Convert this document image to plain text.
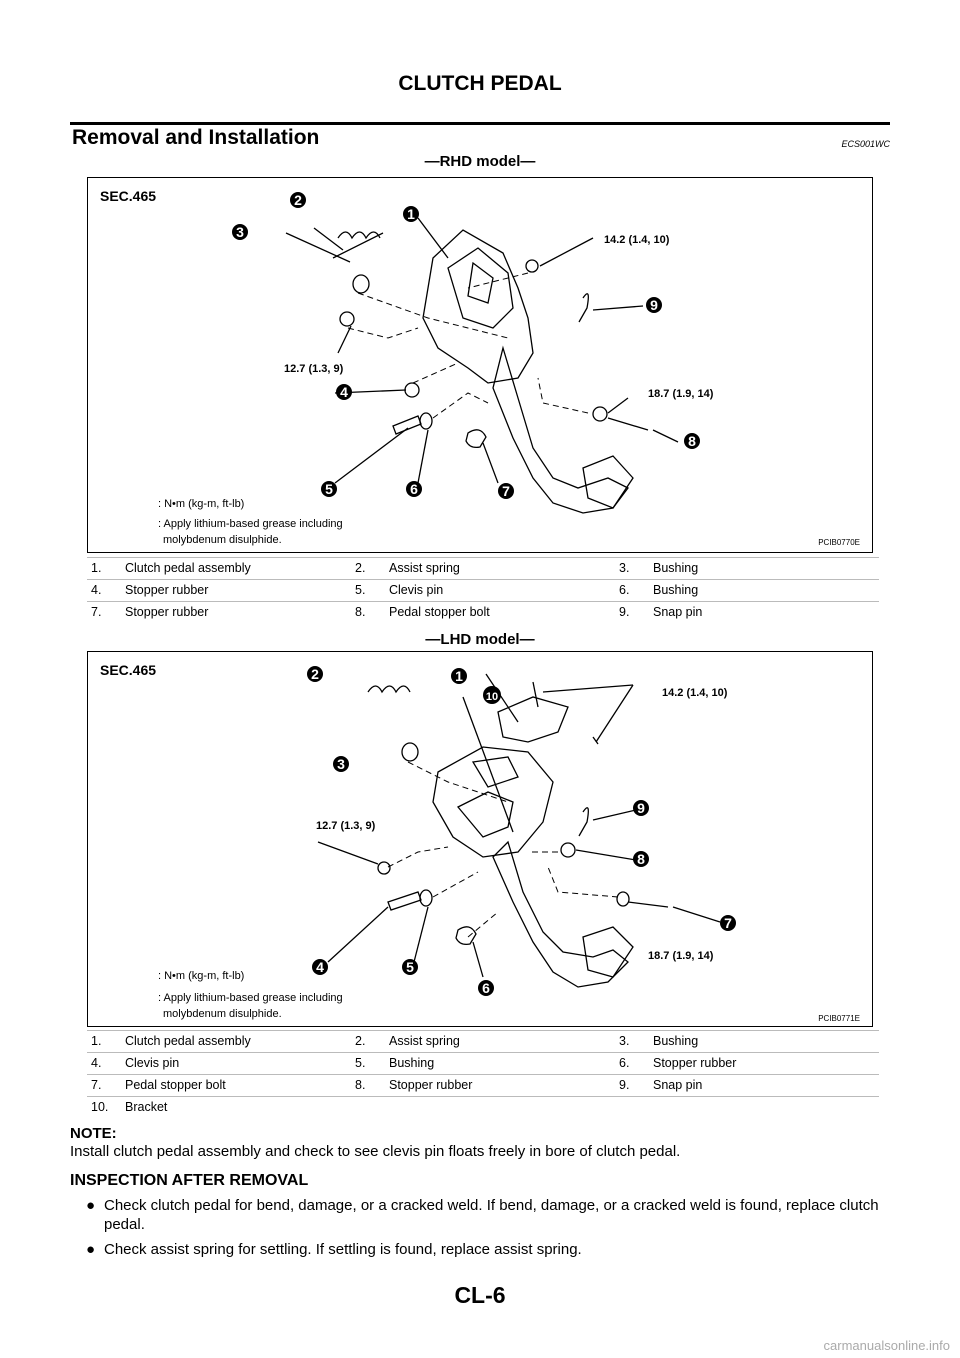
CLUTCH PEDAL
Removal and Installation	ECS001WC
—RHD model—
SEC.465	2
1
3
9
4
8
5	6	7
14.2 (1.4, 10)
12.7 (1.3, 9)
18.7 (1.9, 14)
: N•m (kg-m, ft-lb)
: Apply lithium-based grease including
molybdenum disulphide.	PCIB0770E
1.	Clutch pedal assembly	2.	Assist spring	3.	Bushing
4.	Stopper rubber	5.	Clevis pin	6.	Bushing
7.	Stopper rubber	8.	Pedal stopper bolt	9.	Snap pin
—LHD model—
SEC.465	2	1
10
3
9
8
7
4	5
6
14.2 (1.4, 10)
12.7 (1.3, 9)
18.7 (1.9, 14)
: N•m (kg-m, ft-lb)
: Apply lithium-based grease including
molybdenum disulphide.	PCIB0771E
1.	Clutch pedal assembly	2.	Assist spring	3.	Bushing
4.	Clevis pin	5.	Bushing	6.	Stopper rubber
7.	Pedal stopper bolt	8.	Stopper rubber	9.	Snap pin
10.	Bracket				
NOTE:
Install clutch pedal assembly and check to see clevis pin floats freely in bore of clutch pedal.
INSPECTION AFTER REMOVAL
● Check clutch pedal for bend, damage, or a cracked weld. If bend, damage, or a cracked weld is found, replace clutch pedal.
● Check assist spring for settling. If settling is found, replace assist spring.
CL-6
carmanualsonline.info
